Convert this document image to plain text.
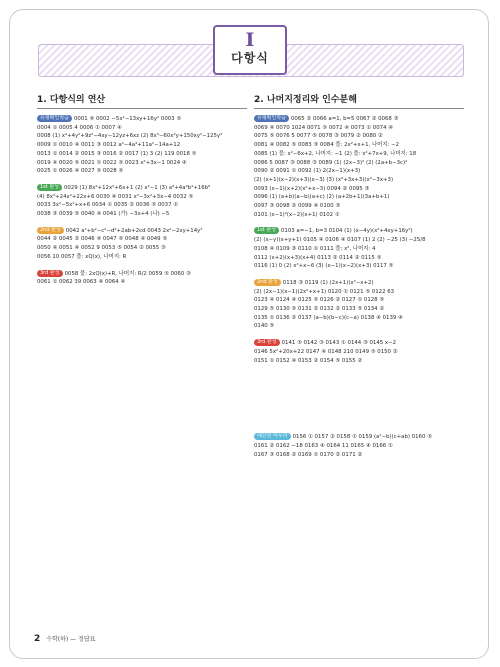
I
다항식
1. 다항식의 연산
유형확인학습 0001 ④ 0002 −5x²−13xy+16y² 0003 ⑤
0004 ① 0005 4 0006 ① 0007 ④
0008 (1) x⁴+4y²+9z²−4xy−12yz+6xz (2) 8x³−60x²y+150xy²−125y³
0009 ① 0010 ④ 0011 ③ 0012 a⁴−4a³+11a²−14a+12
0013 ① 0014 ② 0015 ③ 0016 ② 0017 (1) 3 (2) 119 0018 ⑤
0019 ④ 0020 ⑤ 0021 ① 0022 ⑤ 0023 x²+3x−1 0024 ④
0025 ① 0026 ④ 0027 ⑤ 0028 ⑤
1st 완성 0029 (1) 8x²+12x²+6x+1 (2) x²−1 (3) a⁸+4a⁴b⁴+16b⁸
(4) 8x³+24x²+22x+6 0030 ④ 0031 x³−3x²+3x−4 0032 ⑤
0033 3x²−5x²+x+6 0034 ① 0035 ② 0036 ⑤ 0037 ①
0038 ③ 0039 ⑤ 0040 ④ 0041 (가) −3x+4 (나) −5
2nd 완성 0042 a²+b²−c²−d²+2ab+2cd 0043 2x²−2xy+14y²
0044 ② 0045 ② 0046 ④ 0047 ⑤ 0048 ④ 0049 ⑤
0050 ④ 0051 ④ 0052 9 0053 ⑤ 0054 ② 0055 ③
0056 10 0057 풀: xQ(x), 나머지: R
3rd 완성 0058 풀: 2xQ(x)+R, 나머지: R/2 0059 ⑤ 0060 ③
0061 ① 0062 39 0063 ④ 0064 ④
2. 나머지정리와 인수분해
유형확인학습 0065 ② 0066 a=1, b=5 0067 ② 0068 ③
0069 ④ 0070 1024 0071 ⑤ 0072 ④ 0073 ① 0074 ④
0075 ⑤ 0076 5 0077 ⑤ 0078 ③ 0079 ② 0080 ②
0081 ④ 0082 ⑤ 0083 ③ 0084 풀: 2x²+x+1, 나머지: −2
0085 (1) 풀: x²−6x+2, 나머지: −1 (2) 풀: x²+7x+9, 나머지: 18
0086 5 0087 ③ 0088 ③ 0089 (1) (2x−3)² (2) (2a+b−3c)²
0090 ② 0091 ① 0092 (1) 2(2x−1)(x+3)
(2) (x+1)(x−2)(x+3)(x−3) (3) (x²+3x+3)(x²−3x+3)
0093 (x−1)(x+2)(x²+x−3) 0094 ② 0095 ③
0096 (1) (a+b)(a−b)(a+c) (2) (a+2b+1)(3a+b+1)
0097 ③ 0098 ② 0099 ④ 0100 ③
0101 (x−1)²(x−2)(x+1) 0102 ①
1st 완성 0103 a=−1, b=3 0104 (1) (x−4y)(x²+4xy+16y²)
(2) (x−y)(x+y+1) 0105 ④ 0106 ④ 0107 (1) 2 (2) −25 (3) −25/8
0108 ④ 0109 ③ 0110 ① 0111 풀: x², 나머지: 4
0112 (x+2)(x+3)(x+4) 0113 ② 0114 ② 0115 ⑤
0116 (1) 0 (2) x²+x−6 (3) (x−1)(x−2)(x+3) 0117 ⑤
2nd 완성 0118 ③ 0119 (1) (2x+1)(x²−x+2)
(2) (2x−1)(x−1)(2x²+x+1) 0120 ① 0121 ⑤ 0122 63
0123 ④ 0124 ④ 0125 ⑤ 0126 ② 0127 ① 0128 ⑤
0129 ⑤ 0130 ⑤ 0131 ② 0132 ② 0133 ⑤ 0134 ②
0135 ① 0136 ② 0137 (a−b)(b−c)(c−a) 0138 ④ 0139 ④
0140 ⑤
3rd 완성 0141 ⑤ 0142 ③ 0143 ① 0144 ③ 0145 x−2
0146 5x²+20x+22 0147 ④ 0148 210 0149 ⑤ 0150 ②
0151 ① 0152 ④ 0153 ② 0154 ⑤ 0155 ②
대단원 마무리 0156 ① 0157 ② 0158 ① 0159 (a²−b)(c+ab) 0160 ⑤
0161 ② 0162 −18 0163 ④ 0164 11 0165 ④ 0166 ①
0167 ③ 0168 ② 0169 ① 0170 ② 0171 ②
2 수학(하) — 정답표
